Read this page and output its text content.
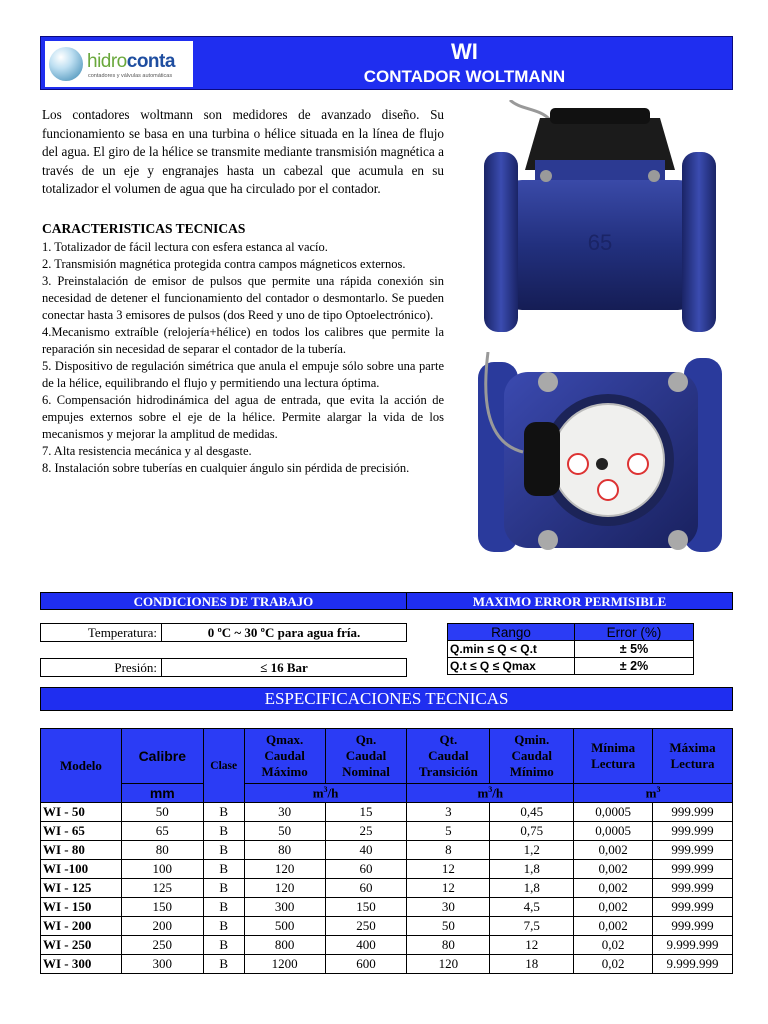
hidroconta
contadores y válvulas automáticas
WI
CONTADOR WOLTMANN
Los contadores woltmann son medidores de avanzado diseño. Su funcionamiento se basa en una turbina o hélice situada en la línea de flujo del agua. El giro de la hélice se transmite mediante transmisión magnética a través de un eje y engranajes hasta un cabezal que acumula en su totalizador el volumen de agua que ha circulado por el contador.
CARACTERISTICAS TECNICAS

1. Totalizador de fácil lectura con esfera estanca al vacío.

2. Transmisión magnética protegida contra campos mágneticos externos.

3. Preinstalación de emisor de pulsos que permite una rápida conexión sin necesidad de detener el funcionamiento del contador o desmontarlo. Se pueden conectar hasta 3 emisores de pulsos (dos Reed y uno de tipo Optoelectrónico).

4.Mecanismo extraíble (relojería+hélice) en todos los calibres que permite la reparación sin necesidad de separar el contador de la tubería.

5. Dispositivo de regulación simétrica que anula el empuje sólo sobre una parte de la hélice, equilibrando el flujo y permitiendo una lectura óptima.

6. Compensación hidrodinámica del agua de entrada, que evita la acción de empujes externos sobre el eje de la hélice. Permite alargar la vida de los mecanismos y mejorar la amplitud de medidas.

7. Alta resistencia mecánica y al desgaste.

8. Instalación sobre tuberías en cualquier ángulo sin pérdida de precisión.

65
CONDICIONES DE TRABAJO	MAXIMO ERROR PERMISIBLE
Temperatura:	0 ºC ~ 30 ºC para agua fría.
Presión:	≤ 16 Bar
Rango	Error (%)
Q.min ≤ Q < Q.t	± 5%
Q.t ≤ Q ≤ Qmax	± 2%
ESPECIFICACIONES TECNICAS
Modelo	Calibre	Clase	Qmax.
Caudal
Máximo	Qn.
Caudal
Nominal	Qt.
Caudal
Transición	Qmin.
Caudal
Mínimo	Mínima
Lectura	Máxima
Lectura
	mm		$m^3/h$		$m^3/h$		$m^3$
WI - 50	50	B	30	15	3	0,45	0,0005	999.999
WI - 65	65	B	50	25	5	0,75	0,0005	999.999
WI - 80	80	B	80	40	8	1,2	0,002	999.999
WI -100	100	B	120	60	12	1,8	0,002	999.999
WI - 125	125	B	120	60	12	1,8	0,002	999.999
WI - 150	150	B	300	150	30	4,5	0,002	999.999
WI - 200	200	B	500	250	50	7,5	0,002	999.999
WI - 250	250	B	800	400	80	12	0,02	9.999.999
WI - 300	300	B	1200	600	120	18	0,02	9.999.999
